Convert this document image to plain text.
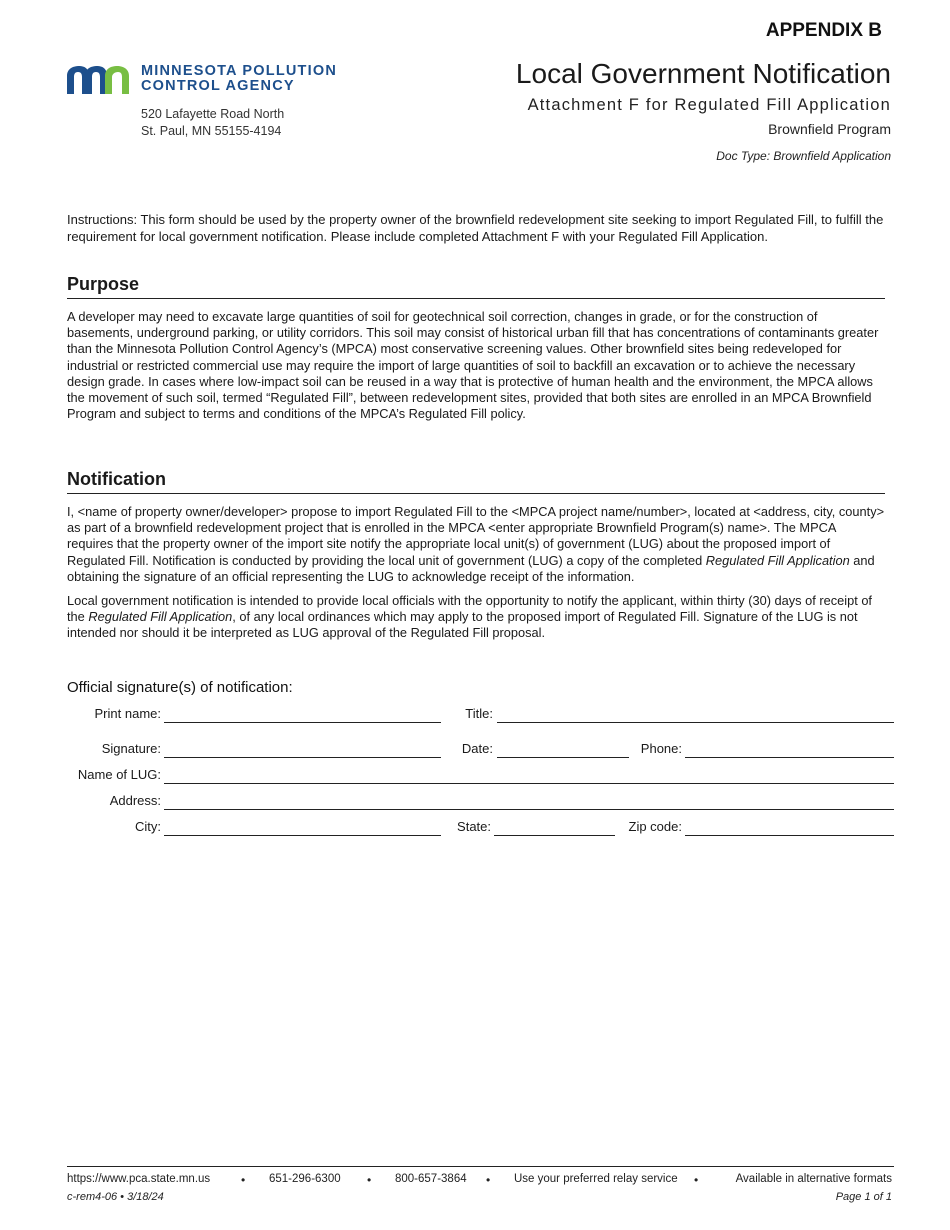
APPENDIX B
MINNESOTA POLLUTION
CONTROL AGENCY
520 Lafayette Road North
St. Paul, MN 55155-4194
Local Government Notification
Attachment F for Regulated Fill Application
Brownfield Program
Doc Type: Brownfield Application
Instructions: This form should be used by the property owner of the brownfield redevelopment site seeking to import Regulated Fill, to fulfill the requirement for local government notification. Please include completed Attachment F with your Regulated Fill Application.
Purpose

A developer may need to excavate large quantities of soil for geotechnical soil correction, changes in grade, or for the construction of basements, underground parking, or utility corridors. This soil may consist of historical urban fill that has concentrations of contaminants greater than the Minnesota Pollution Control Agency’s (MPCA) most conservative screening values. Other brownfield sites being redeveloped for industrial or restricted commercial use may require the import of large quantities of soil to backfill an excavation or to achieve the necessary design grade. In cases where low-impact soil can be reused in a way that is protective of human health and the environment, the MPCA allows the movement of such soil, termed “Regulated Fill”, between redevelopment sites, provided that both sites are enrolled in an MPCA Brownfield Program and subject to terms and conditions of the MPCA’s Regulated Fill policy.

Notification

I, <name of property owner/developer> propose to import Regulated Fill to the <MPCA project name/number>, located at <address, city, county> as part of a brownfield redevelopment project that is enrolled in the MPCA <enter appropriate Brownfield Program(s) name>. The MPCA requires that the property owner of the import site notify the appropriate local unit(s) of government (LUG) about the proposed import of Regulated Fill. Notification is conducted by providing the local unit of government (LUG) a copy of the completed Regulated Fill Application and obtaining the signature of an official representing the LUG to acknowledge receipt of the information.

Local government notification is intended to provide local officials with the opportunity to notify the applicant, within thirty (30) days of receipt of the Regulated Fill Application, of any local ordinances which may apply to the proposed import of Regulated Fill. Signature of the LUG is not intended nor should it be interpreted as LUG approval of the Regulated Fill proposal.

Official signature(s) of notification:
Print name:	Title:
Signature:	Date:	Phone:
Name of LUG:
Address:
City:	State:	Zip code:
https://www.pca.state.mn.us	• 651-296-6300 • 800-657-3864 • Use your preferred relay service •	Available in alternative formats
c-rem4-06 • 3/18/24	Page 1 of 1
